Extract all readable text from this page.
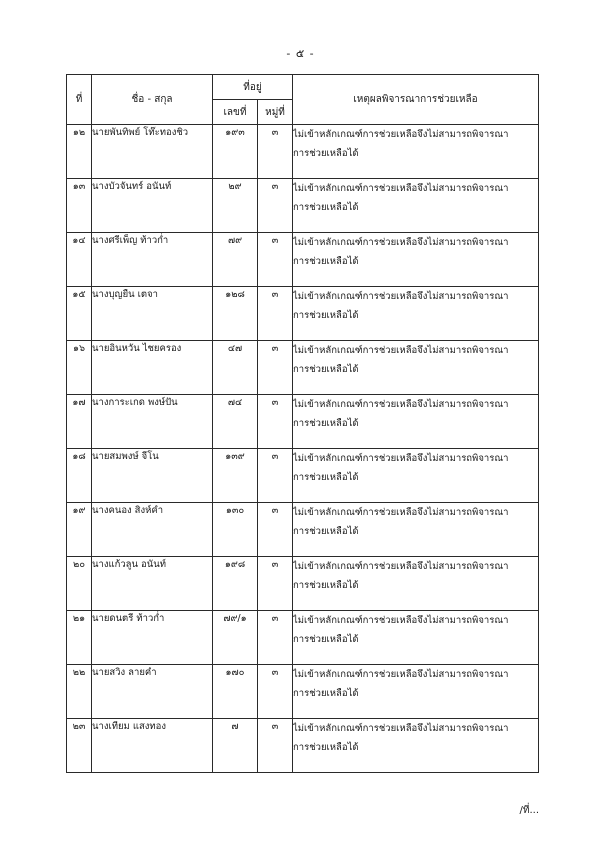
- ๕ -
ที่	ชื่อ - สกุล	ที่อยู่		เหตุผลพิจารณาการช่วยเหลือ
		เลขที่	หมู่ที่	
๑๒	นายพันทิพย์ โท๊ะทองชิว	๑๙๓	๓	ไม่เข้าหลักเกณฑ์การช่วยเหลือจึงไม่สามารถพิจารณา
การช่วยเหลือได้

๑๓	นางบัวจันทร์ อนันท์	๒๙	๓	ไม่เข้าหลักเกณฑ์การช่วยเหลือจึงไม่สามารถพิจารณา
การช่วยเหลือได้

๑๔	นางศรีเพ็ญ ท้าวก่ำ	๗๙	๓	ไม่เข้าหลักเกณฑ์การช่วยเหลือจึงไม่สามารถพิจารณา
การช่วยเหลือได้

๑๕	นางบุญยืน เตจา	๑๒๘	๓	ไม่เข้าหลักเกณฑ์การช่วยเหลือจึงไม่สามารถพิจารณา
การช่วยเหลือได้

๑๖	นายอินหวัน ไชยครอง	๔๗	๓	ไม่เข้าหลักเกณฑ์การช่วยเหลือจึงไม่สามารถพิจารณา
การช่วยเหลือได้

๑๗	นางการะเกด พงษ์ปัน	๗๔	๓	ไม่เข้าหลักเกณฑ์การช่วยเหลือจึงไม่สามารถพิจารณา
การช่วยเหลือได้

๑๘	นายสมพงษ์ จีโน	๑๓๙	๓	ไม่เข้าหลักเกณฑ์การช่วยเหลือจึงไม่สามารถพิจารณา
การช่วยเหลือได้

๑๙	นางคนอง สิงห์คำ	๑๓๐	๓	ไม่เข้าหลักเกณฑ์การช่วยเหลือจึงไม่สามารถพิจารณา
การช่วยเหลือได้

๒๐	นางแก้วลูน อนันท์	๑๙๘	๓	ไม่เข้าหลักเกณฑ์การช่วยเหลือจึงไม่สามารถพิจารณา
การช่วยเหลือได้

๒๑	นายดนตรี ท้าวก่ำ	๗๙/๑	๓	ไม่เข้าหลักเกณฑ์การช่วยเหลือจึงไม่สามารถพิจารณา
การช่วยเหลือได้

๒๒	นายสวิง ลายคำ	๑๗๐	๓	ไม่เข้าหลักเกณฑ์การช่วยเหลือจึงไม่สามารถพิจารณา
การช่วยเหลือได้

๒๓	นางเทียม แสงทอง	๗	๓	ไม่เข้าหลักเกณฑ์การช่วยเหลือจึงไม่สามารถพิจารณา
การช่วยเหลือได้
/ที่...
